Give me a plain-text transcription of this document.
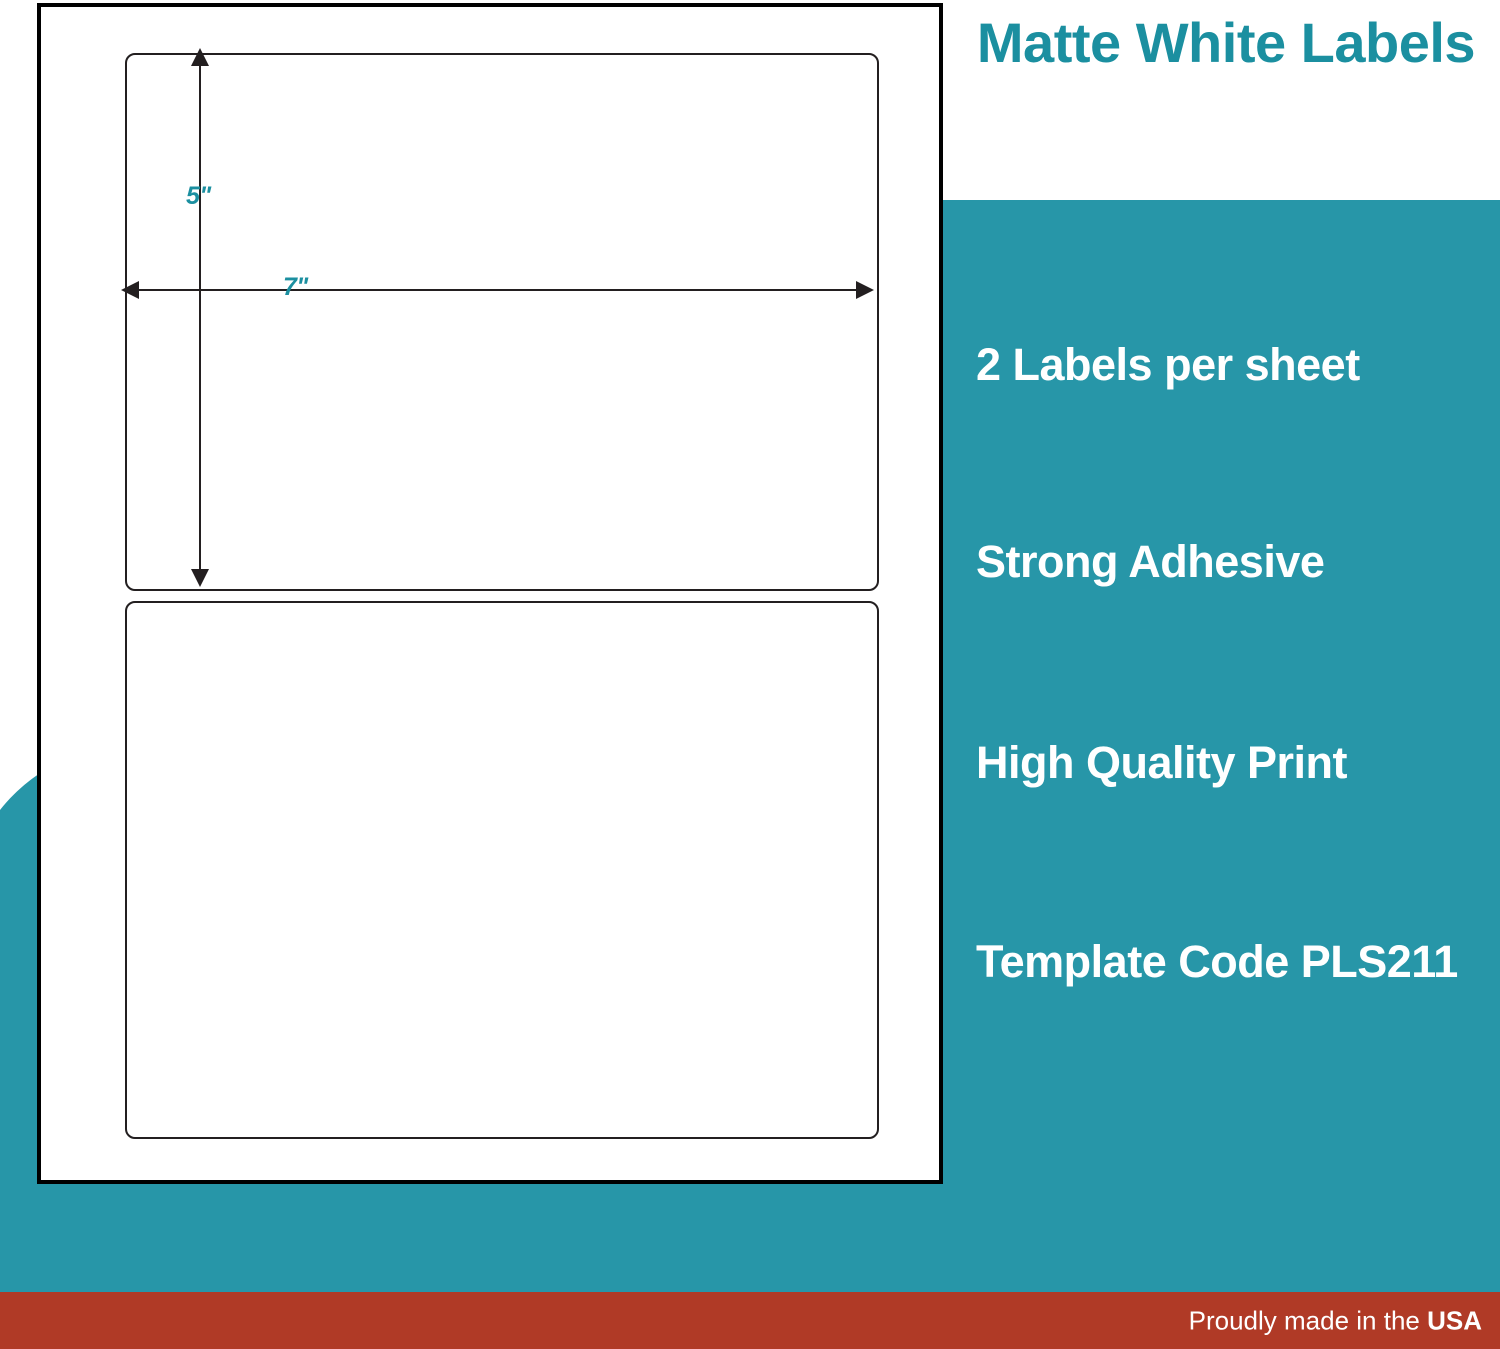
5"
7"
Matte White Labels
2 Labels per sheet
Strong Adhesive
High Quality Print
Template Code PLS211
Proudly made in the USA
